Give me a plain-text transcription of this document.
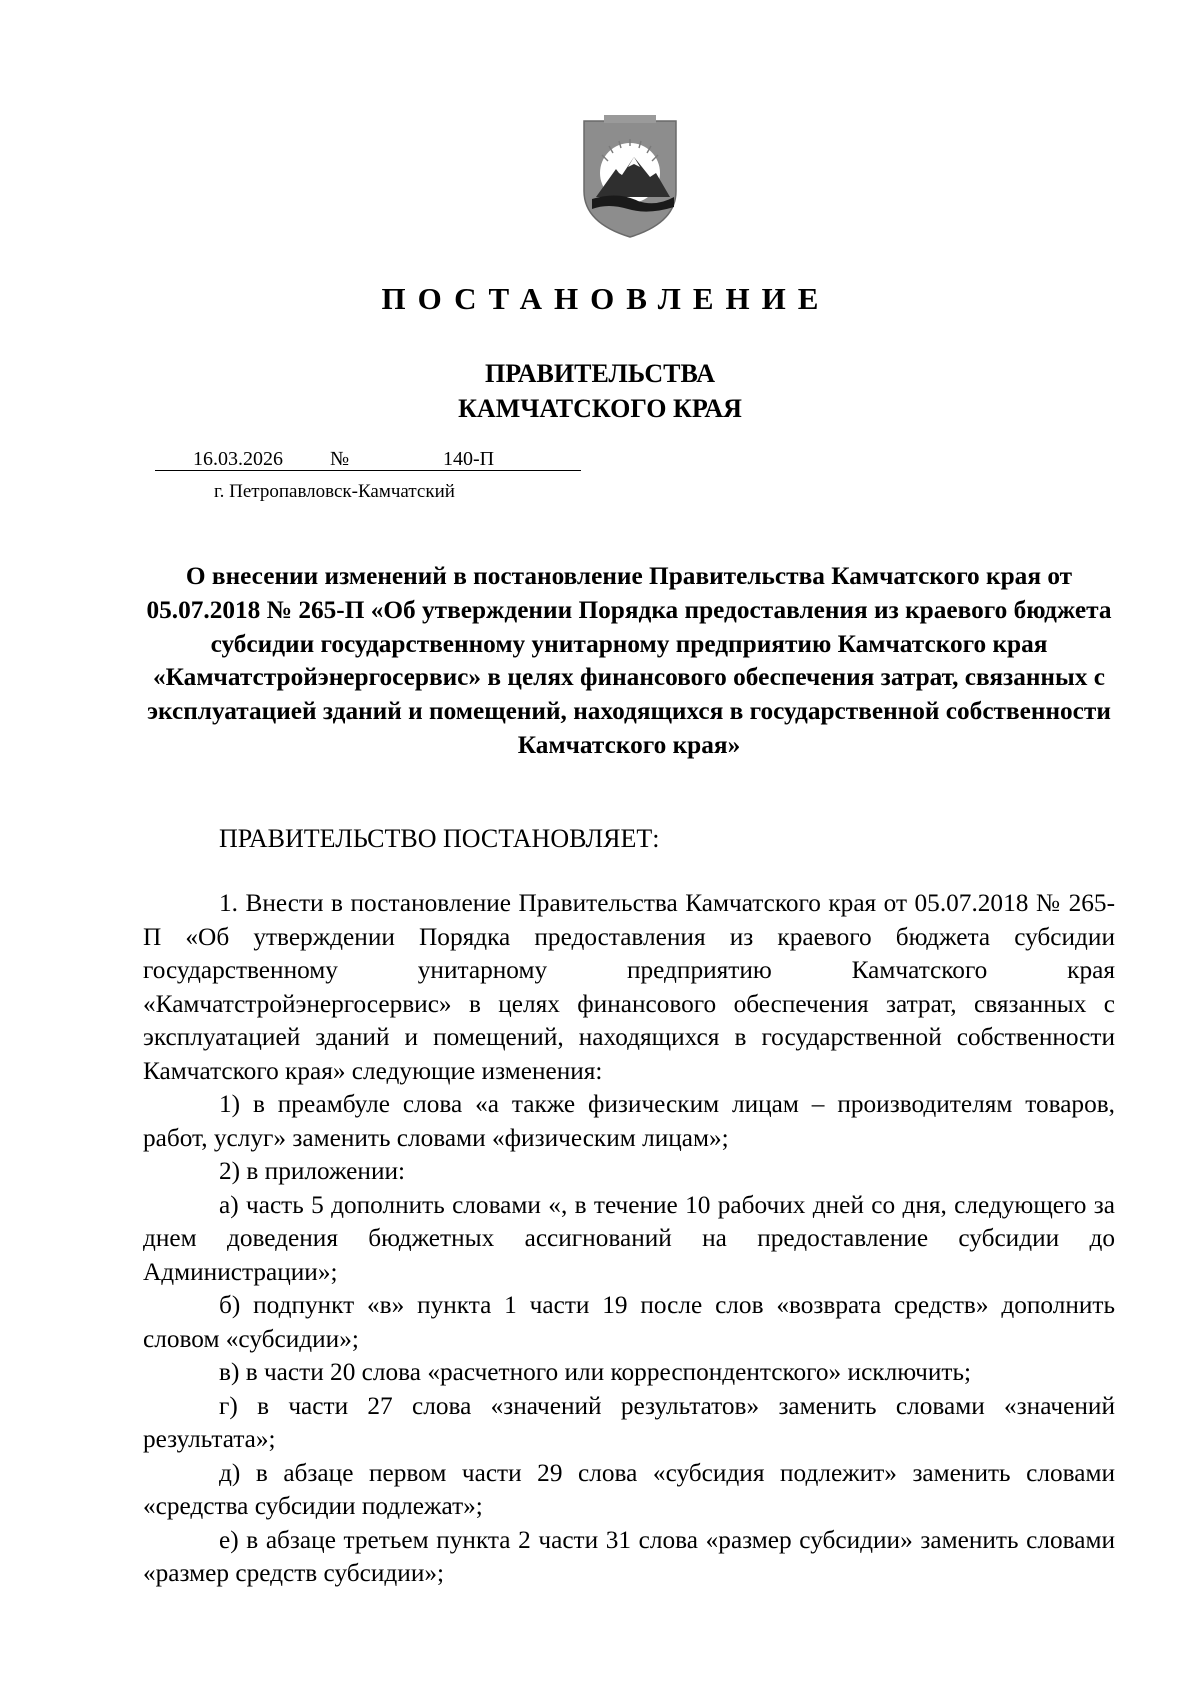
ПОСТАНОВЛЕНИЕ
ПРАВИТЕЛЬСТВА
КАМЧАТСКОГО КРАЯ
16.03.2026 №	140-П
г. Петропавловск-Камчатский
О внесении изменений в постановление Правительства Камчатского края от 05.07.2018 № 265-П «Об утверждении Порядка предоставления из краевого бюджета субсидии государственному унитарному предприятию Камчатского края «Камчатстройэнергосервис» в целях финансового обеспечения затрат, связанных с эксплуатацией зданий и помещений, находящихся в государственной собственности Камчатского края»
ПРАВИТЕЛЬСТВО ПОСТАНОВЛЯЕТ:

1. Внести в постановление Правительства Камчатского края от 05.07.2018 № 265-П «Об утверждении Порядка предоставления из краевого бюджета субсидии государственному унитарному предприятию Камчатского края «Камчатстройэнергосервис» в целях финансового обеспечения затрат, связанных с эксплуатацией зданий и помещений, находящихся в государственной собственности Камчатского края» следующие изменения:

1) в преамбуле слова «а также физическим лицам – производителям товаров, работ, услуг» заменить словами «физическим лицам»;

2) в приложении:

а) часть 5 дополнить словами «, в течение 10 рабочих дней со дня, следующего за днем доведения бюджетных ассигнований на предоставление субсидии до Администрации»;

б) подпункт «в» пункта 1 части 19 после слов «возврата средств» дополнить словом «субсидии»;

в) в части 20 слова «расчетного или корреспондентского» исключить;

г) в части 27 слова «значений результатов» заменить словами «значений результата»;

д) в абзаце первом части 29 слова «субсидия подлежит» заменить словами «средства субсидии подлежат»;

е) в абзаце третьем пункта 2 части 31 слова «размер субсидии» заменить словами «размер средств субсидии»;
